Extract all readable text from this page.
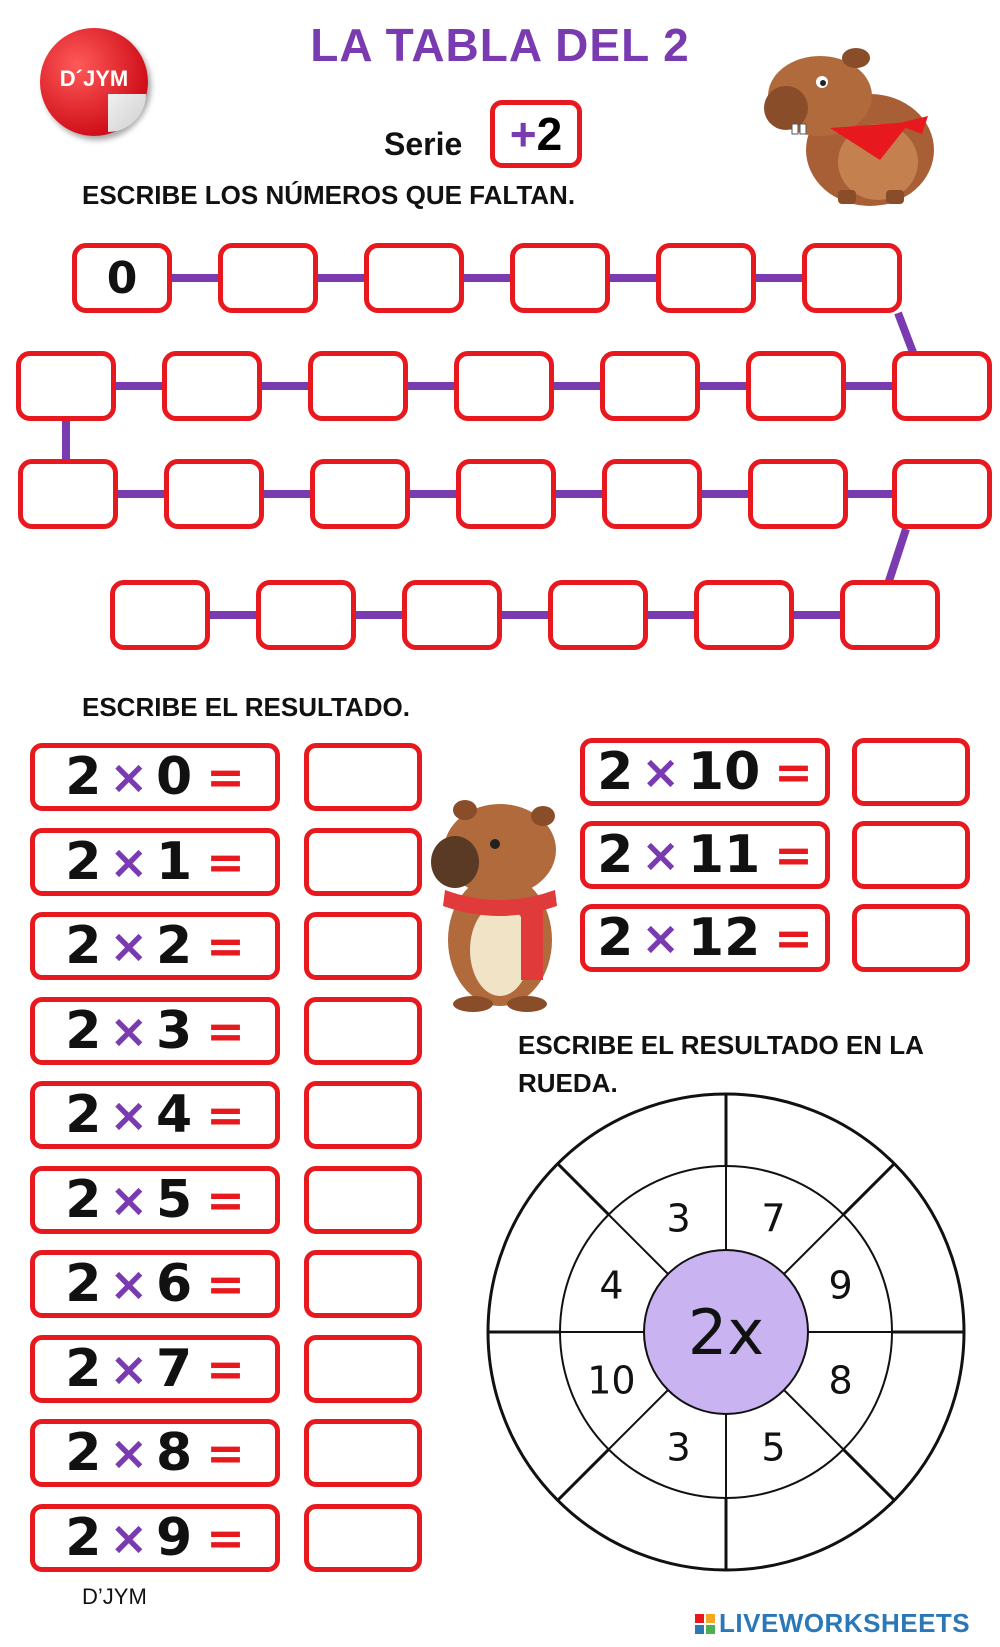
D´JYM
LA TABLA DEL 2
Serie + 2
ESCRIBE LOS NÚMEROS QUE FALTAN.
0
ESCRIBE EL RESULTADO.
2 × 0 =
2 × 1 =
2 × 2 =
2 × 3 =
2 × 4 =
2 × 5 =
2 × 6 =
2 × 7 =
2 × 8 =
2 × 9 =
2 × 10 =
2 × 11 =
2 × 12 =
ESCRIBE EL RESULTADO EN LA
RUEDA.
2x
7
9
8
5
3
10
4
3
D’JYM
LIVEWORKSHEETS
